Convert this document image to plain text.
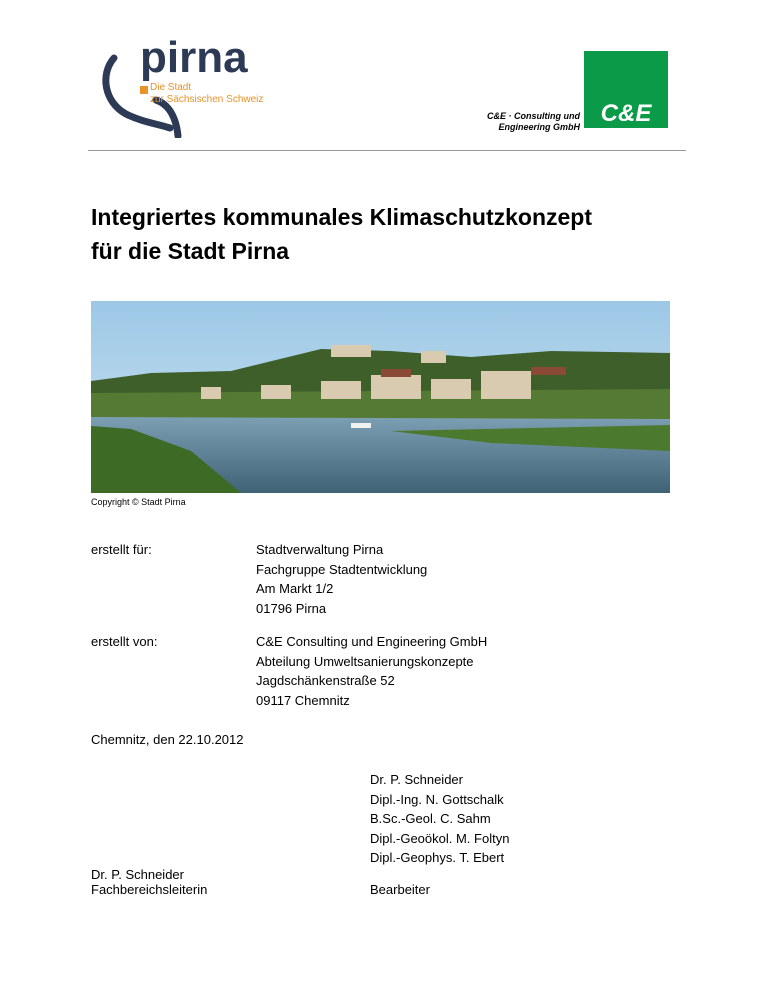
pirna
Die Stadt
zur Sächsischen Schweiz
C&E
C&E · Consulting und
Engineering GmbH
Integriertes kommunales Klimaschutzkonzept
für die Stadt Pirna
Copyright © Stadt Pirna
erstellt für:	Stadtverwaltung Pirna
Fachgruppe Stadtentwicklung
Am Markt 1/2
01796 Pirna
erstellt von:	C&E Consulting und Engineering GmbH
Abteilung Umweltsanierungskonzepte
Jagdschänkenstraße 52
09117 Chemnitz
Chemnitz, den 22.10.2012
Dr. P. Schneider
Dipl.-Ing. N. Gottschalk
B.Sc.-Geol. C. Sahm
Dipl.-Geoökol. M. Foltyn
Dipl.-Geophys. T. Ebert
Dr. P. Schneider
Fachbereichsleiterin	Bearbeiter
